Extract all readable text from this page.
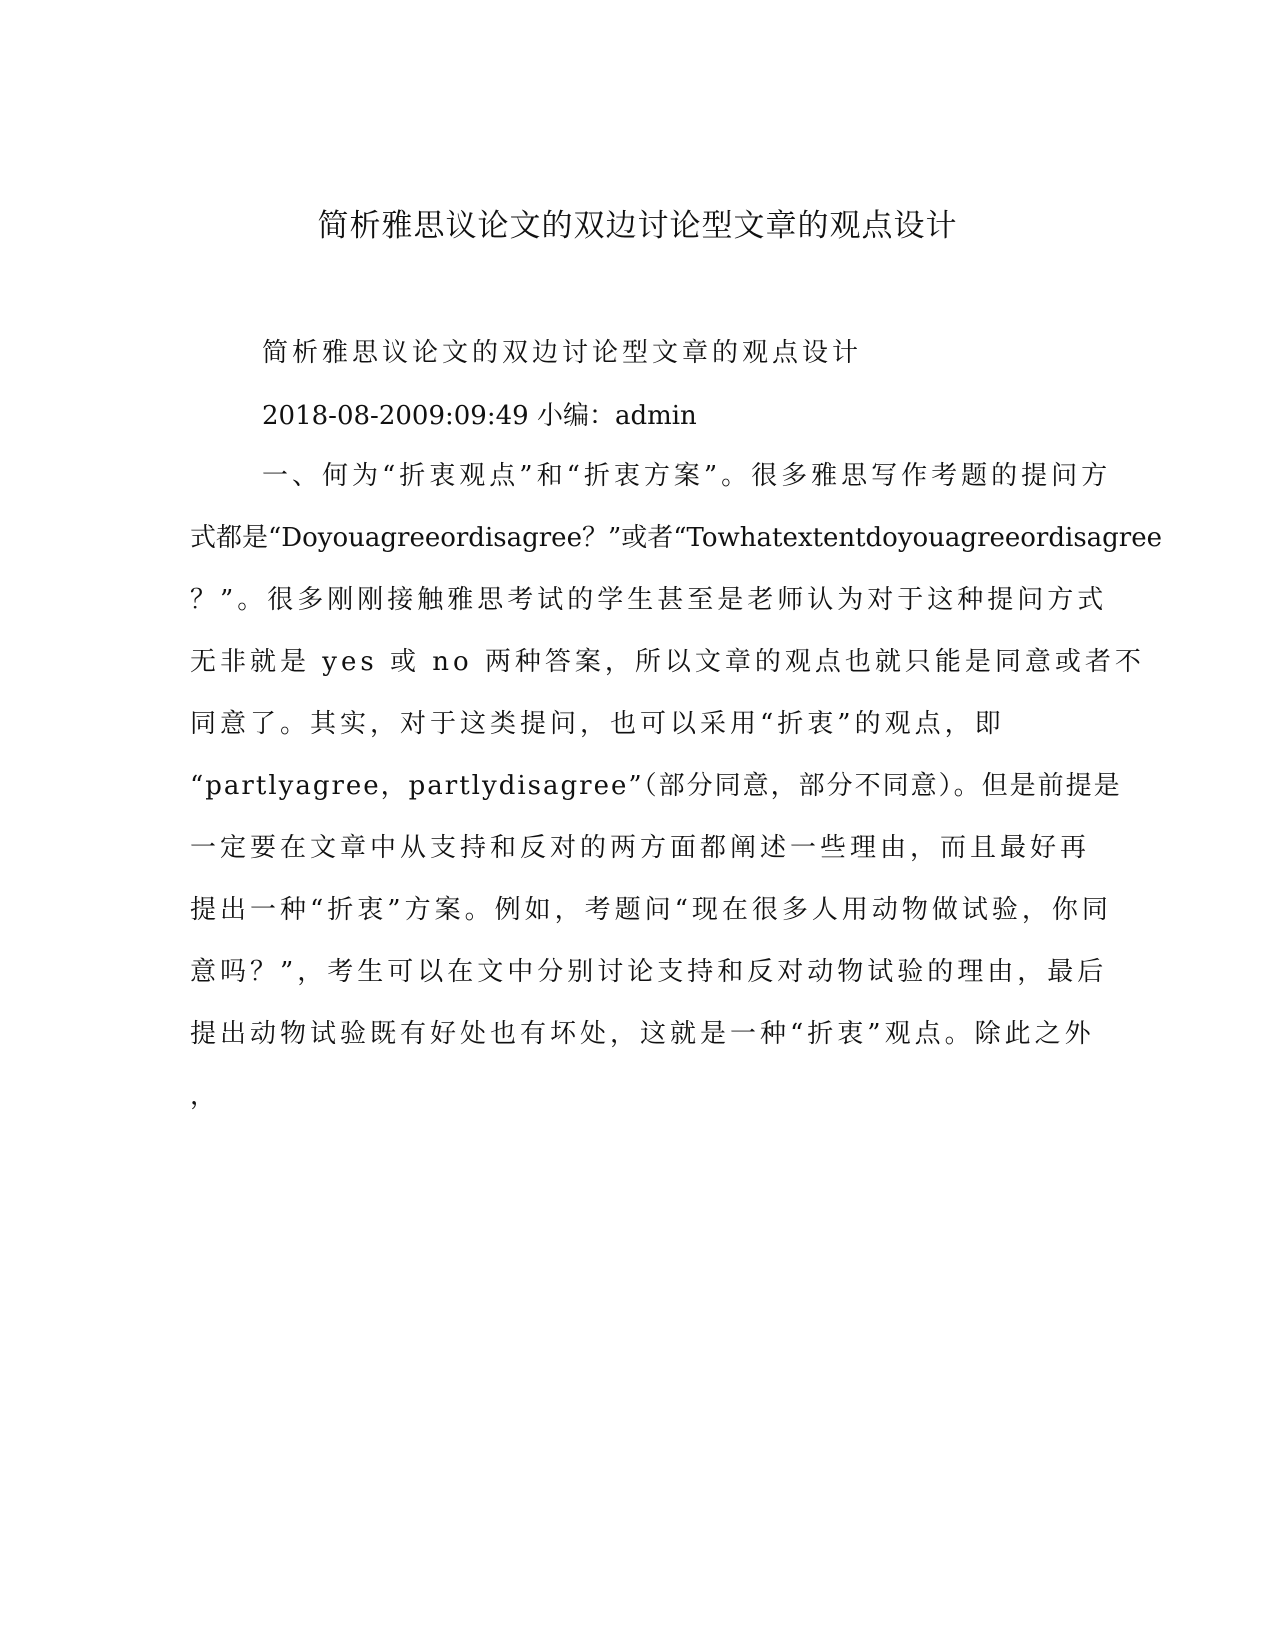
简析雅思议论文的双边讨论型文章的观点设计
简析雅思议论文的双边讨论型文章的观点设计
2018-08-2009:09:49 小编：admin
一、何为“折衷观点”和“折衷方案”。很多雅思写作考题的提问方
式都是“Doyouagreeordisagree？”或者“Towhatextentdoyouagreeordisagree
？”。很多刚刚接触雅思考试的学生甚至是老师认为对于这种提问方式
无非就是 yes 或 no 两种答案，所以文章的观点也就只能是同意或者不
同意了。其实，对于这类提问，也可以采用“折衷”的观点，即
“partlyagree，partlydisagree”（部分同意，部分不同意）。但是前提是
一定要在文章中从支持和反对的两方面都阐述一些理由，而且最好再
提出一种“折衷”方案。例如，考题问“现在很多人用动物做试验，你同
意吗？”，考生可以在文中分别讨论支持和反对动物试验的理由，最后
提出动物试验既有好处也有坏处，这就是一种“折衷”观点。除此之外
，
